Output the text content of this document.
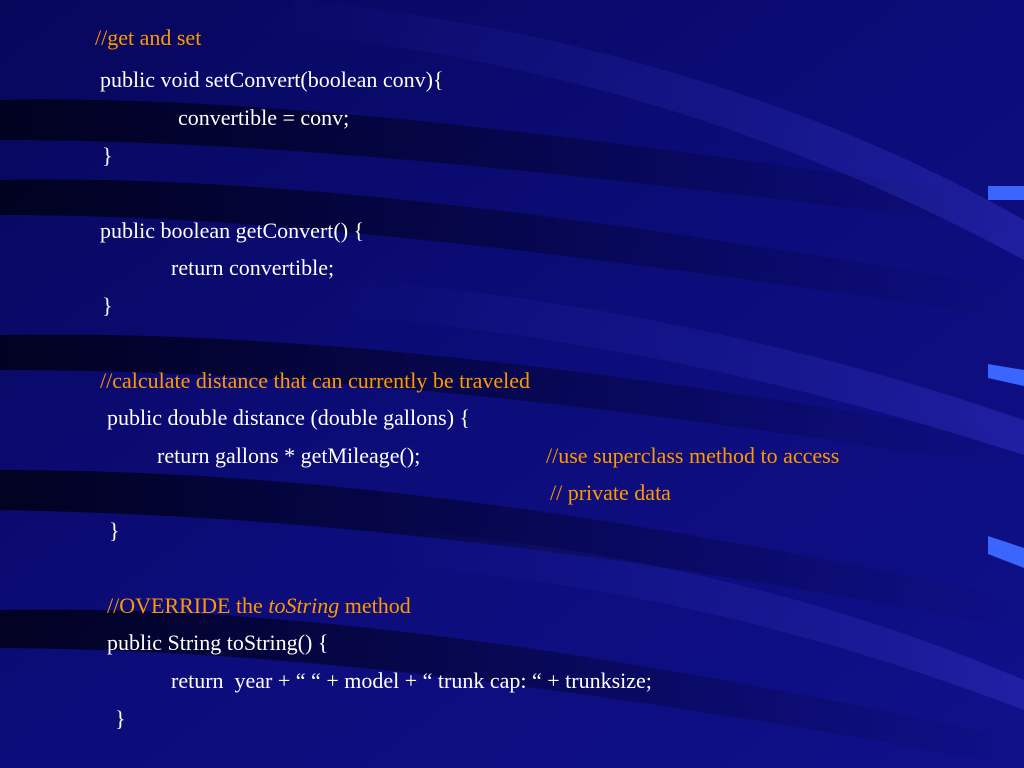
//get and set
public void setConvert(boolean conv){
convertible = conv;
}
public boolean getConvert() {
return convertible;
}
//calculate distance that can currently be traveled
public double distance (double gallons) {
return gallons * getMileage();	//use superclass method to access
// private data
}
//OVERRIDE the toString method
public String toString() {
return  year + “ “ + model + “ trunk cap: “ + trunksize;
}
